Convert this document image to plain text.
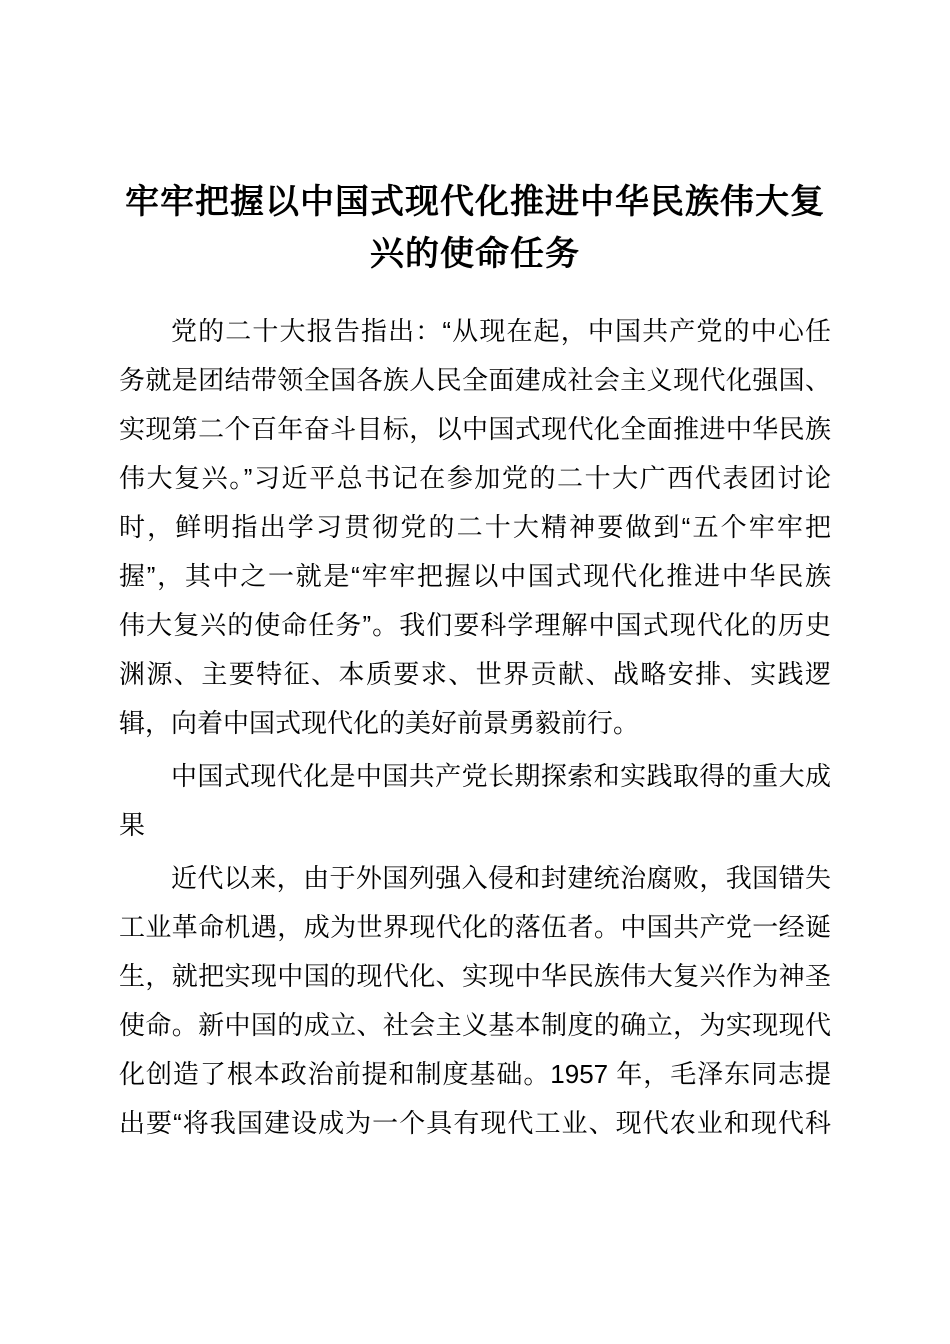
牢牢把握以中国式现代化推进中华民族伟大复
兴的使命任务
党的二十大报告指出：“从现在起，中国共产党的中心任
务就是团结带领全国各族人民全面建成社会主义现代化强国、
实现第二个百年奋斗目标，以中国式现代化全面推进中华民族
伟大复兴。”习近平总书记在参加党的二十大广西代表团讨论
时，鲜明指出学习贯彻党的二十大精神要做到“五个牢牢把
握”，其中之一就是“牢牢把握以中国式现代化推进中华民族
伟大复兴的使命任务”。我们要科学理解中国式现代化的历史
渊源、主要特征、本质要求、世界贡献、战略安排、实践逻
辑，向着中国式现代化的美好前景勇毅前行。
中国式现代化是中国共产党长期探索和实践取得的重大成
果
近代以来，由于外国列强入侵和封建统治腐败，我国错失
工业革命机遇，成为世界现代化的落伍者。中国共产党一经诞
生，就把实现中国的现代化、实现中华民族伟大复兴作为神圣
使命。新中国的成立、社会主义基本制度的确立，为实现现代
化创造了根本政治前提和制度基础。1957 年，毛泽东同志提
出要“将我国建设成为一个具有现代工业、现代农业和现代科
